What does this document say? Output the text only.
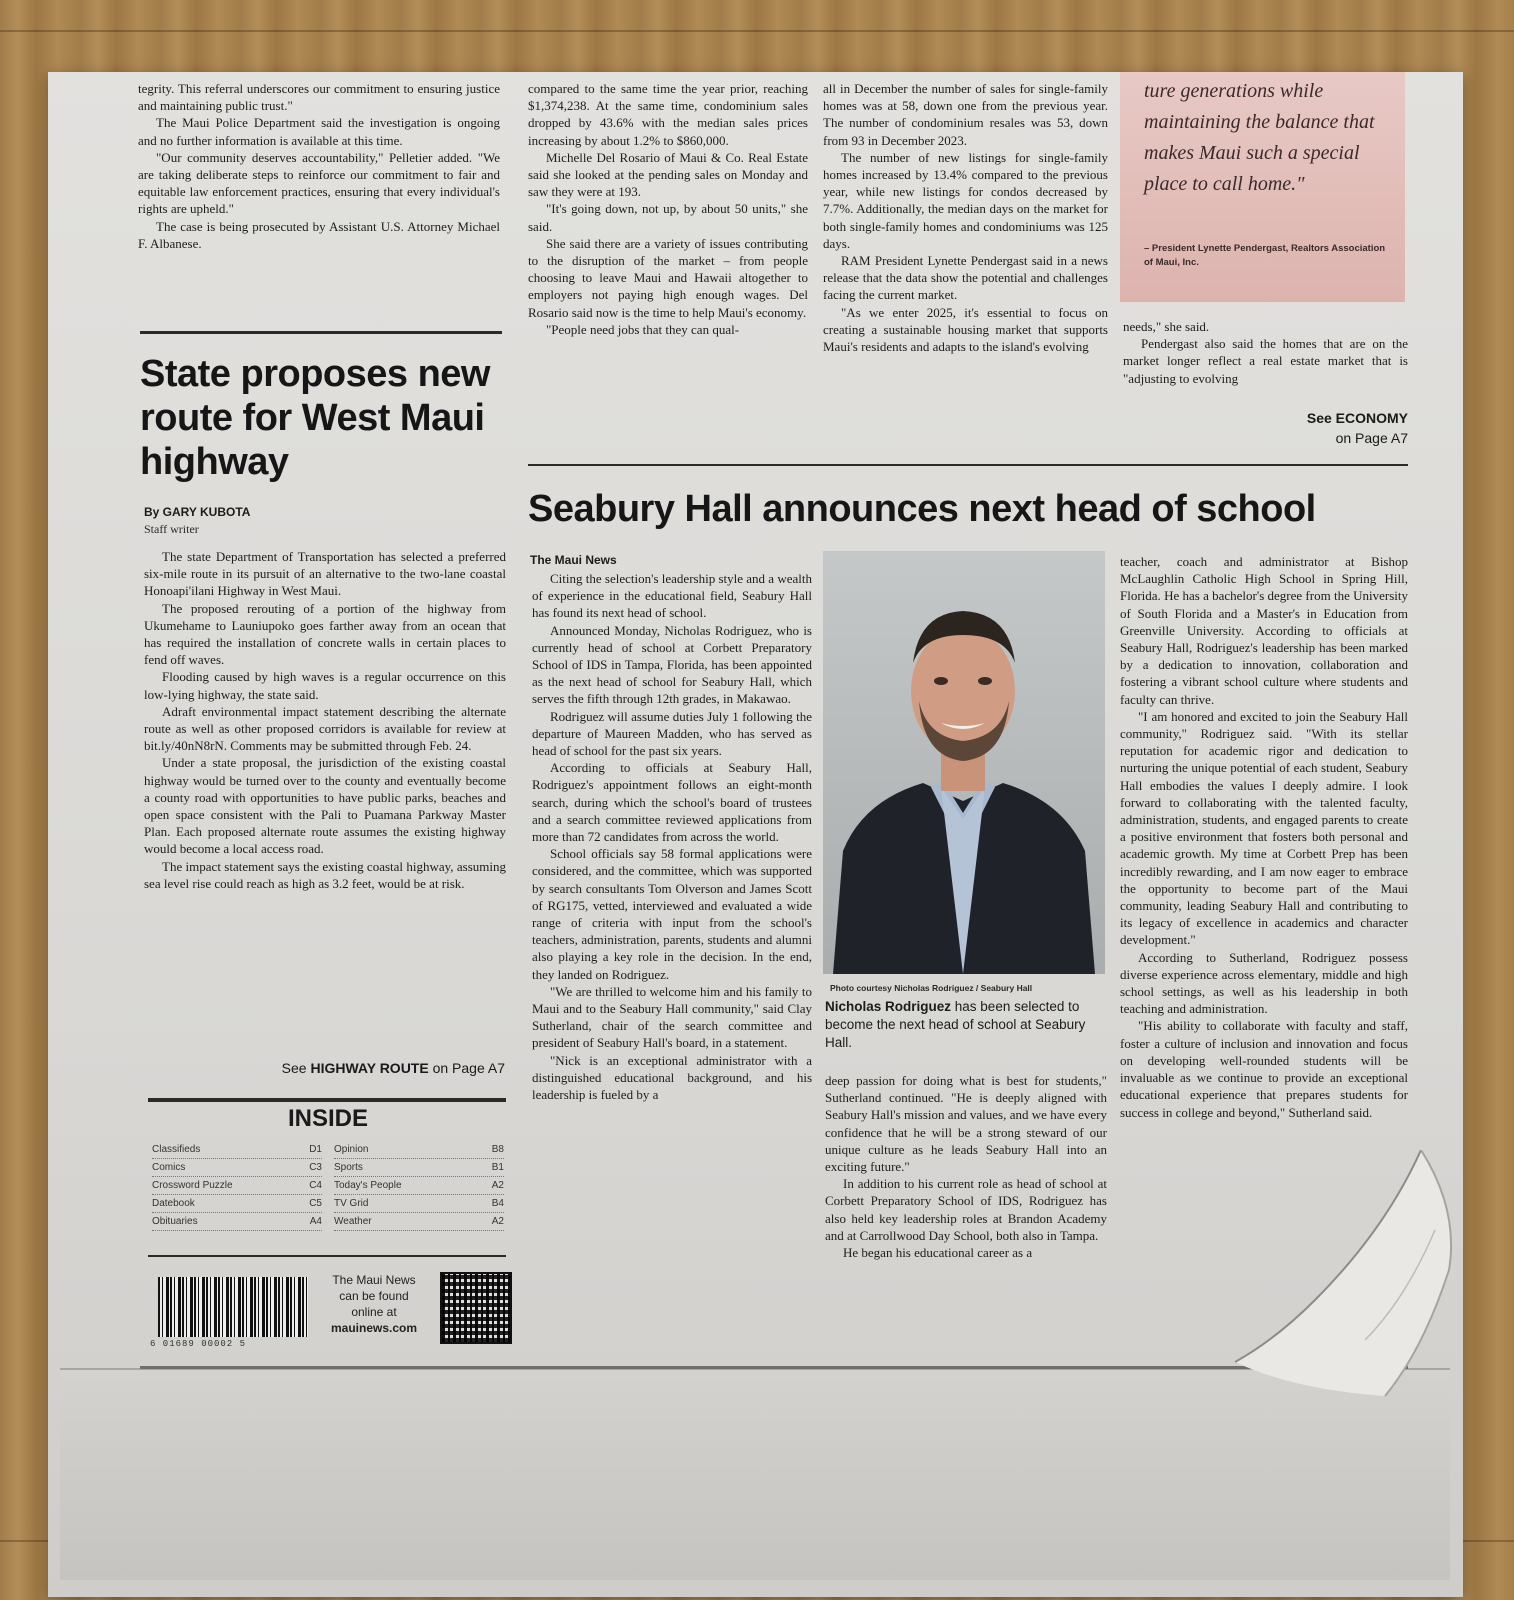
tegrity. This referral underscores our commitment to ensuring justice and maintaining public trust."

The Maui Police Department said the investigation is ongoing and no further information is available at this time.

"Our community deserves accountability," Pelletier added. "We are taking deliberate steps to reinforce our commitment to fair and equitable law enforcement practices, ensuring that every individual's rights are upheld."

The case is being prosecuted by Assistant U.S. Attorney Michael F. Albanese.

compared to the same time the year prior, reaching $1,374,238. At the same time, condominium sales dropped by 43.6% with the median sales prices increasing by about 1.2% to $860,000.

Michelle Del Rosario of Maui & Co. Real Estate said she looked at the pending sales on Monday and saw they were at 193.

"It's going down, not up, by about 50 units," she said.

She said there are a variety of issues contributing to the disruption of the market – from people choosing to leave Maui and Hawaii altogether to employers not paying high enough wages. Del Rosario said now is the time to help Maui's economy.

"People need jobs that they can qual-

all in December the number of sales for single-family homes was at 58, down one from the previous year. The number of condominium resales was 53, down from 93 in December 2023.

The number of new listings for single-family homes increased by 13.4% compared to the previous year, while new listings for condos decreased by 7.7%. Additionally, the median days on the market for both single-family homes and condominiums was 125 days.

RAM President Lynette Pendergast said in a news release that the data show the potential and challenges facing the current market.

"As we enter 2025, it's essential to focus on creating a sustainable housing market that supports Maui's residents and adapts to the island's evolving

ture generations while maintaining the balance that makes Maui such a special place to call home."
– President Lynette Pendergast, Realtors Association of Maui, Inc.

needs," she said.

Pendergast also said the homes that are on the market longer reflect a real estate market that is "adjusting to evolving

See ECONOMY
on Page A7
State proposes new route for West Maui highway
By GARY KUBOTA
Staff writer

The state Department of Transportation has selected a preferred six-mile route in its pursuit of an alternative to the two-lane coastal Honoapi'ilani Highway in West Maui.

The proposed rerouting of a portion of the highway from Ukumehame to Launiupoko goes farther away from an ocean that has required the installation of concrete walls in certain places to fend off waves.

Flooding caused by high waves is a regular occurrence on this low-lying highway, the state said.

Adraft environmental impact statement describing the alternate route as well as other proposed corridors is available for review at bit.ly/40nN8rN. Comments may be submitted through Feb. 24.

Under a state proposal, the jurisdiction of the existing coastal highway would be turned over to the county and eventually become a county road with opportunities to have public parks, beaches and open space consistent with the Pali to Puamana Parkway Master Plan. Each proposed alternate route assumes the existing highway would become a local access road.

The impact statement says the existing coastal highway, assuming sea level rise could reach as high as 3.2 feet, would be at risk.

See HIGHWAY ROUTE on Page A7
INSIDE
Classifieds	D1
Comics	C3
Crossword Puzzle	C4
Datebook	C5
Obituaries	A4
Opinion	B8
Sports	B1
Today's People	A2
TV Grid	B4
Weather	A2
6 01689 00002 5
The Maui News
can be found
online at
mauinews.com
Seabury Hall announces next head of school
The Maui News

Citing the selection's leadership style and a wealth of experience in the educational field, Seabury Hall has found its next head of school.

Announced Monday, Nicholas Rodriguez, who is currently head of school at Corbett Preparatory School of IDS in Tampa, Florida, has been appointed as the next head of school for Seabury Hall, which serves the fifth through 12th grades, in Makawao.

Rodriguez will assume duties July 1 following the departure of Maureen Madden, who has served as head of school for the past six years.

According to officials at Seabury Hall, Rodriguez's appointment follows an eight-month search, during which the school's board of trustees and a search committee reviewed applications from more than 72 candidates from across the world.

School officials say 58 formal applications were considered, and the committee, which was supported by search consultants Tom Olverson and James Scott of RG175, vetted, interviewed and evaluated a wide range of criteria with input from the school's teachers, administration, parents, students and alumni also playing a key role in the decision. In the end, they landed on Rodriguez.

"We are thrilled to welcome him and his family to Maui and to the Seabury Hall community," said Clay Sutherland, chair of the search committee and president of Seabury Hall's board, in a statement.

"Nick is an exceptional administrator with a distinguished educational background, and his leadership is fueled by a

Photo courtesy Nicholas Rodriguez / Seabury Hall
Nicholas Rodriguez has been selected to become the next head of school at Seabury Hall.

deep passion for doing what is best for students," Sutherland continued. "He is deeply aligned with Seabury Hall's mission and values, and we have every confidence that he will be a strong steward of our unique culture as he leads Seabury Hall into an exciting future."

In addition to his current role as head of school at Corbett Preparatory School of IDS, Rodriguez has also held key leadership roles at Brandon Academy and at Carrollwood Day School, both also in Tampa.

He began his educational career as a

teacher, coach and administrator at Bishop McLaughlin Catholic High School in Spring Hill, Florida. He has a bachelor's degree from the University of South Florida and a Master's in Education from Greenville University. According to officials at Seabury Hall, Rodriguez's leadership has been marked by a dedication to innovation, collaboration and fostering a vibrant school culture where students and faculty can thrive.

"I am honored and excited to join the Seabury Hall community," Rodriguez said. "With its stellar reputation for academic rigor and dedication to nurturing the unique potential of each student, Seabury Hall embodies the values I deeply admire. I look forward to collaborating with the talented faculty, administration, students, and engaged parents to create a positive environment that fosters both personal and academic growth. My time at Corbett Prep has been incredibly rewarding, and I am now eager to embrace the opportunity to become part of the Maui community, leading Seabury Hall and contributing to its legacy of excellence in academics and character development."

According to Sutherland, Rodriguez possess diverse experience across elementary, middle and high school settings, as well as his leadership in both teaching and administration.

"His ability to collaborate with faculty and staff, foster a culture of inclusion and innovation and focus on developing well-rounded students will be invaluable as we continue to provide an exceptional educational experience that prepares students for success in college and beyond," Sutherland said.
